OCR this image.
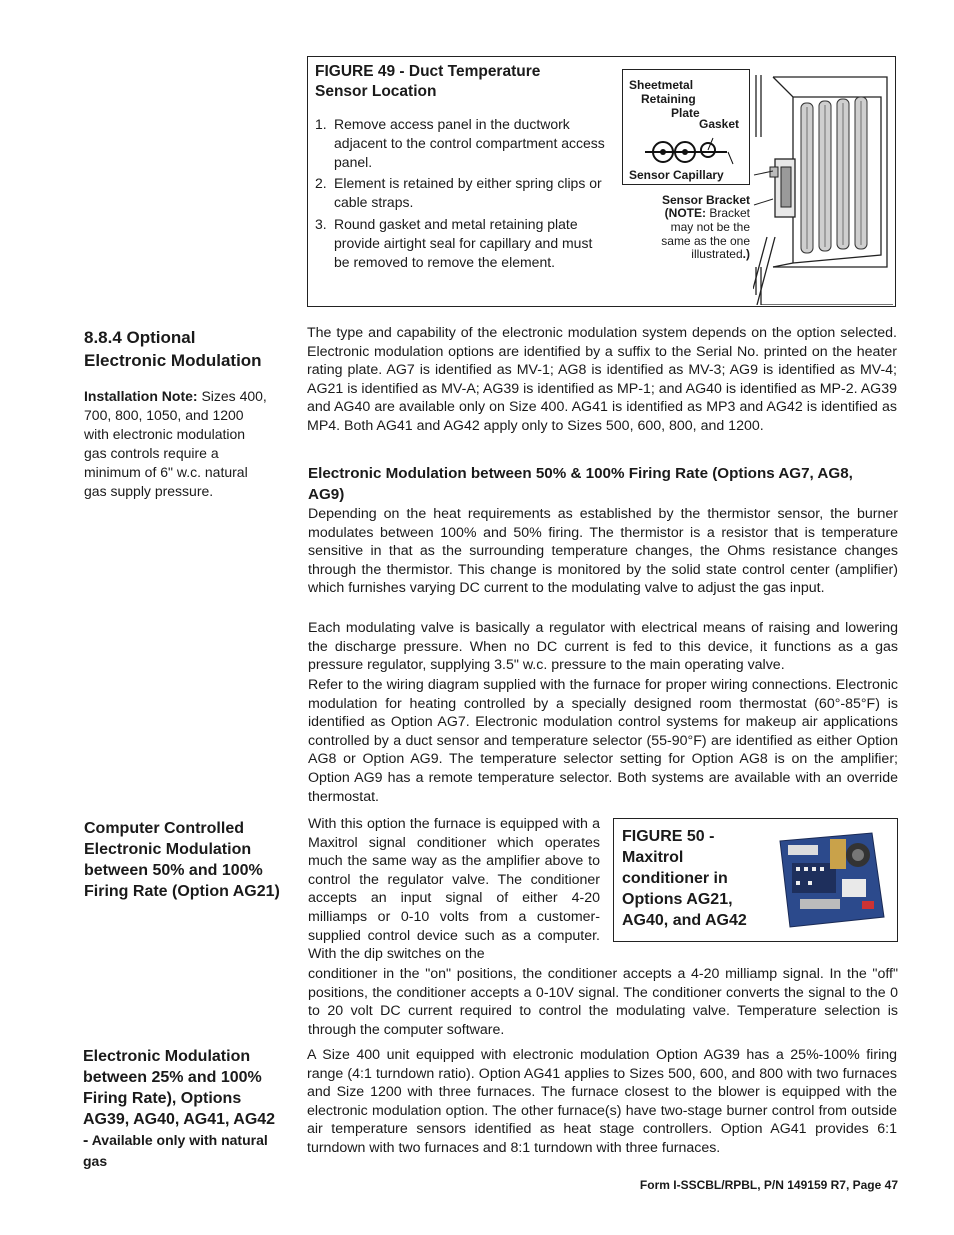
FIGURE 49 - Duct Temperature
Sensor Location
1. Remove access panel in the ductwork adjacent to the control compartment access panel.
2. Element is retained by either spring clips or cable straps.
3. Round gasket and metal retaining plate provide airtight seal for capillary and must be removed to remove the element.
Sheetmetal
Retaining
Plate
Gasket
Sensor Capillary
Sensor Bracket
(NOTE: Bracket
may not be the
same as the one
illustrated.)
8.8.4 Optional
Electronic Modulation
Installation Note: Sizes 400, 700, 800, 1050, and 1200 with electronic modulation gas controls require a minimum of 6" w.c. natural gas supply pressure.

The type and capability of the electronic modulation system depends on the option selected. Electronic modulation options are identified by a suffix to the Serial No. printed on the heater rating plate. AG7 is identified as MV-1; AG8 is identified as MV-3; AG9 is identified as MV-4; AG21 is identified as MV-A; AG39 is identified as MP-1; and AG40 is identified as MP-2. AG39 and AG40 are available only on Size 400. AG41 is identified as MP3 and AG42 is identified as MP4. Both AG41 and AG42 apply only to Sizes 500, 600, 800, and 1200.

Electronic Modulation between 50% & 100% Firing Rate (Options AG7, AG8, AG9)

Depending on the heat requirements as established by the thermistor sensor, the burner modulates between 100% and 50% firing. The thermistor is a resistor that is temperature sensitive in that as the surrounding temperature changes, the Ohms resistance changes through the thermistor. This change is monitored by the solid state control center (amplifier) which furnishes varying DC current to the modulating valve to adjust the gas input.

Each modulating valve is basically a regulator with electrical means of raising and lowering the discharge pressure. When no DC current is fed to this device, it functions as a gas pressure regulator, supplying 3.5" w.c. pressure to the main operating valve.

Refer to the wiring diagram supplied with the furnace for proper wiring connections. Electronic modulation for heating controlled by a specially designed room thermostat (60°-85°F) is identified as Option AG7. Electronic modulation control systems for makeup air applications controlled by a duct sensor and temperature selector (55-90°F) are identified as either Option AG8 or Option AG9. The temperature selector setting for Option AG8 is on the amplifier; Option AG9 has a remote temperature selector. Both systems are available with an override thermostat.

Computer Controlled Electronic Modulation between 50% and 100% Firing Rate (Option AG21)

With this option the furnace is equipped with a Maxitrol signal conditioner which operates much the same way as the amplifier above to control the regulator valve. The conditioner accepts an input signal of either 4-20 milliamps or 0-10 volts from a customer-supplied control device such as a computer. With the dip switches on the

conditioner in the "on" positions, the conditioner accepts a 4-20 milliamp signal. In the "off" positions, the conditioner accepts a 0-10V signal. The conditioner converts the signal to the 0 to 20 volt DC current required to control the modulating valve. Temperature selection is through the computer software.

FIGURE 50 - Maxitrol conditioner in Options AG21, AG40, and AG42
Electronic Modulation between 25% and 100% Firing Rate), Options AG39, AG40, AG41, AG42 - Available only with natural gas

A Size 400 unit equipped with electronic modulation Option AG39 has a 25%-100% firing range (4:1 turndown ratio). Option AG41 applies to Sizes 500, 600, and 800 with two furnaces and Size 1200 with three furnaces. The furnace closest to the blower is equipped with the electronic modulation option. The other furnace(s) have two-stage burner control from outside air temperature sensors identified as heat stage controllers. Option AG41 provides 6:1 turndown with two furnaces and 8:1 turndown with three furnaces.

Form I-SSCBL/RPBL, P/N 149159 R7, Page 47
